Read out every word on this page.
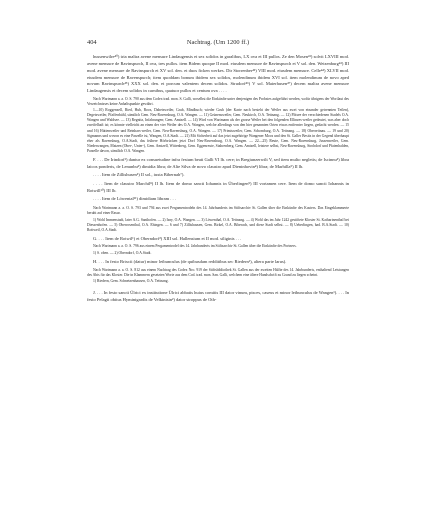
404	Nachtrag. (Um 1200 ff.)

hussenwilre⁴⁰) tria maltra avene mensure Lindaugensis et sex solidos in garalibus, LX ova et III pullos. Ze den Mosen⁴¹) solvit LXVIII mod. avene mensure de Ravinspurch, II ova, tres pullos. item Bidem quoque II mod. eiusdem mensure de Ravinspurch et V sol. den. Weizenburg⁴²) III mod. avene mensure de Ravinspurch et XV sol. den. et duos ficken werkes. Dir Storrenber⁴³) VIII mod. eiusdem mensure. Celle⁴⁴) XLVII mod. eiusdem mensure de Ravenspurch; item quoddam bonum ibidem sex solidos, molendinum ibidem XVI sol. item molendinum de novo aped novum Ravinspurch⁴⁵) XXX sol. den. et porcum valentem decem solidos. Strudorf⁴⁶) V sol. Maierhusen⁴⁷) decem maltra avene mensure Lindaugensis et decem solidos in carnibus, quatuor pullos et centum ova . . . .

Nach Wartmann a. a. O. S. 790 aus dem Codex trad. mon. S. Galli, woselbst die Einkünfte unter denjenigen des Probstes aufgeführt werden, wofür übrigens der Wortlaut des Verzeichnisses keine Anhaltspunkte gewährt.

1—10) Roggenzell, Ried, Hub, Roos, Dabetsweiler, Grub, Mindbuch; wieder Grub (der Karte nach besteht der Weiler aus zwei von einander getrennten Teilen), Degetsweiler, Pfaffenbühl, sämtlich Gem. Neu-Ravensburg, O.A. Wangen. — 11) Grünensweiler, Gem. Neukirch, O.A. Tettnang. — 12) Flitsee der verschiedenen Stadels O.A. Wangen und Waldsee. — 13) Regnitz, Infahrungen; Gem. Amtzell. — 14) Wird von Wartmann als der grosse Weiler bei den folgenden Ellinzes-weiler gedeutet, was aber doch zweifelhaft ist; es könnte vielleicht an einen der vier Weiler des O.A. Wangen, welche allerdings von den hier genannten Orten etwas entfernter liegen, gedacht werden. — 15 und 16) Hüttenweiler und Reinhars-weiler, Gem. Neu-Ravensburg, O.A. Wangen. — 17) Primisweiler, Gem. Schomburg, O.A. Tettnang. — 18) Oberreitnau. — 19 und 20) Sigmanns und wovon es eine Parzelle ist, Wangen, O.A.Stadt. — 21) Mit Sicherheit auf das jetzt zugehörige Wangener Moos und den St. Galler Besitz in der Gegend überhaupt eher als Ravensburg, O.A.Stadt, das frühere Hörbrücken jetzt Dorf Neu-Ravensburg, O.A. Wangen. — 22—25) Reute, Gem. Neu-Ravensburg, Jussenweiler, Gem. Niederwangen, Matzen (Ober-, Unter-), Gem. Amtzell, Wittenberg, Gem. Eggenreute, Stahrenberg, Gem. Amtzell, letztere selbst, Neu-Ravensburg, Strohdorf und Pfaienhalden, Parzelle davon, sämtlich O.A. Wangen.

F. . . . De Irindorf¹) dantur ex consuetudine infra festum beati Galli VI lb. cere; in Bregiunzerwilt V, sed item multo negletis; de Iscinnu²) libra laicos ponderis, de Lenunbu³) dimidia libra; de Alte Silva de novo claustro apud Dieninhovin⁴) libra; de Marhilla⁵) II lb.

. . . . Item de Zillishusen⁶) II sol., iuxta Bibernah⁷).

. . . . Item de claustro Marchil⁸) II lb. Item de domo sancti Iohannis in Überlingen⁹) III vortamen cere. Item de domo sancti Iohannis in Rotwill¹⁰) III lb.

. . . . Item de Löwental¹¹) dimidiam libram . . .

Nach Wartmann a. a. O. S. 793 und 794 aus zwei Pergamentrodeln des 14. Jahrhunderts im Stiftsarchiv St. Gallen über die Einkünfte des Kusters. Das Eingeklammerte beruht auf einer Rasur.

1) Wohl Immenstadt, later A.G. Santhofen. — 2) Isny, O.A. Wangen. — 3) Löwenthal, O.A. Tettnang. — 4) Wohl das im Jahr 1242 gestiftete Kloster St. Katharinenthal bei Diessenhofen. — 5) Oberrosenthal, O.A. Ehingen. — 6 und 7) Zillishausen, Gem. Birkel, O.A. Biberach, und diese Stadt selbst. — 8) Ueberlingen, bad. B.A.Stadt. — 10) Rottweil, O.A.Stadt.

G. . . . Item de Rotwil¹) et Oberndorf²) XIII sol. Hallensium et II mod. siliginis . . .

Nach Wartmann a. a. O. S. 796 aus einem Pergamentrodel des 14. Jahrhunderts im Stiftsarchiv St. Gallen über die Einkünfte des Portners.

1) S. oben. — 2) Oberndorf, O.A.Stadt.

H. . . . In festo Brixcii (datur) minor leibunculus (de quibusdam redditibus sec Riedern¹), altera parte larus).

Nach Wartmann a. a. O. S. 812 aus einem Nachtrag des Codex Nro. 919 der Stiftsbibliothek St. Gallen aus der zweiten Hälfte des 14. Jahrhunderts, enthaltend Leistungen des Abts für das Kloster. Die in Klammern gesetzten Worte aus dem Cod. trad. mon. San. Galli, welchem eine ältere Handschrift zu Grund zu liegen scheint.

1) Riedern, Gem. Schnetzenhausen, O.A. Tettnang.

J. . . . In festo sancti Ülrici ex institutione Ülrici abbatis huius comitis III dator vinum, pisces, caseus et minor leibunculus de Wangen¹). . . . In festo Pelagii obitus Hyminigardis de Velkinisin²) dator stroppus de Oth-
